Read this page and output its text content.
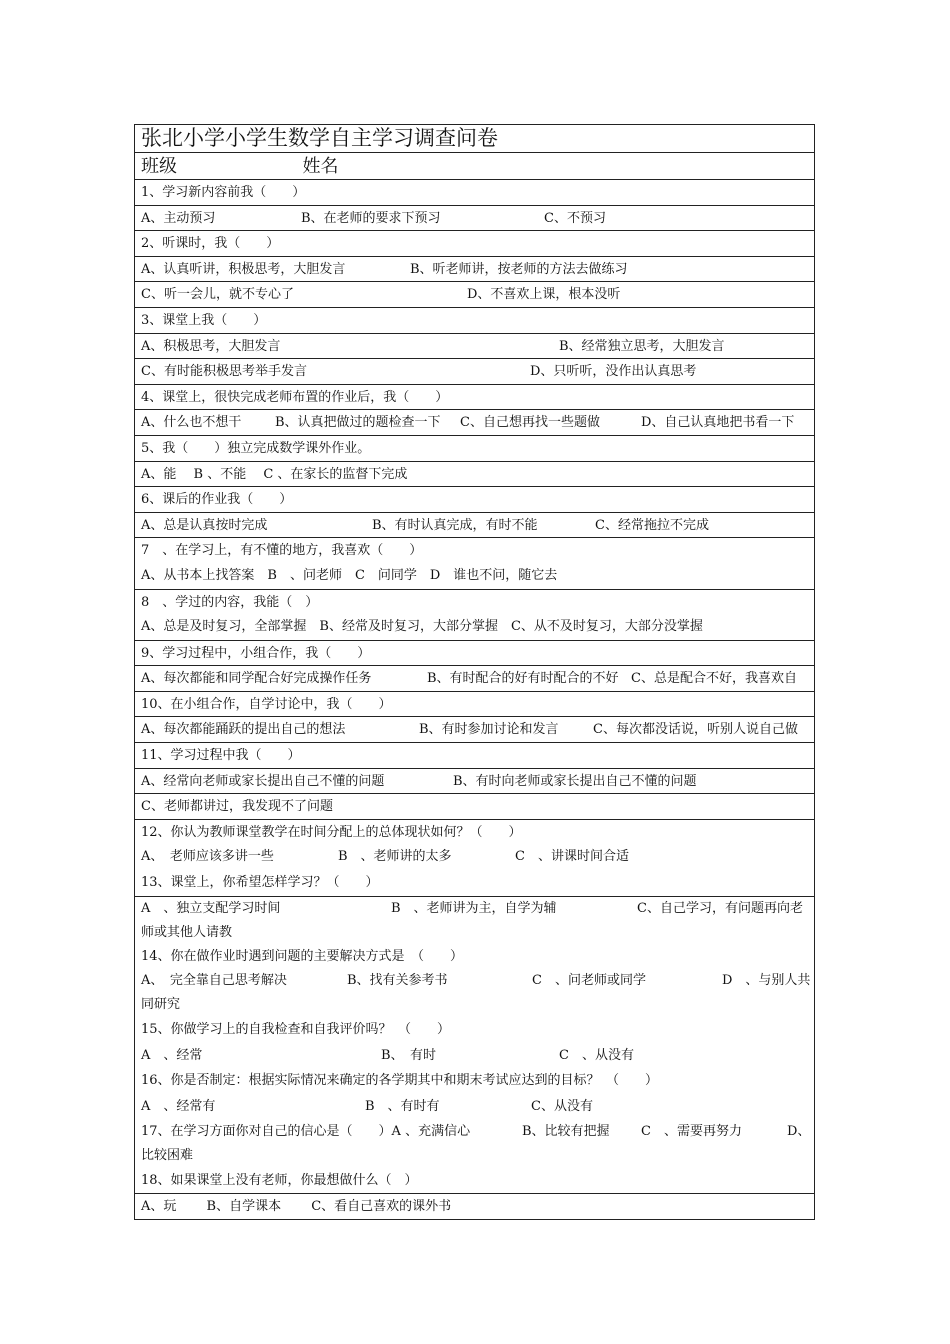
张北小学小学生数学自主学习调查问卷
班级	姓名
1、学习新内容前我（　　）
A、主动预习	B、在老师的要求下预习	C、不预习
2、听课时，我（　　）
A、认真听讲，积极思考，大胆发言	B、听老师讲，按老师的方法去做练习
C、听一会儿，就不专心了	D、不喜欢上课，根本没听
3、课堂上我（　　）
A、积极思考，大胆发言	B、经常独立思考，大胆发言
C、有时能积极思考举手发言	D、只听听，没作出认真思考
4、课堂上，很快完成老师布置的作业后，我（　　）
A、什么也不想干	B、认真把做过的题检查一下 C、自己想再找一些题做	D、自己认真地把书看一下
5、我（　　）独立完成数学课外作业。
A、能　 B 、不能　 C 、在家长的监督下完成
6、课后的作业我（　　）
A、总是认真按时完成	B、有时认真完成，有时不能	C、经常拖拉不完成
7　、在学习上，有不懂的地方，我喜欢（　　）
A、从书本上找答案　B　、问老师　C　问同学　D　谁也不问，随它去
8　、学过的内容，我能（　）
A、总是及时复习，全部掌握　B、经常及时复习，大部分掌握　C、从不及时复习，大部分没掌握
9、学习过程中，小组合作，我（　　）
A、每次都能和同学配合好完成操作任务	B、有时配合的好有时配合的不好 C、总是配合不好，我喜欢自
10、在小组合作，自学讨论中，我（　　）
A、每次都能踊跃的提出自己的想法	B、有时参加讨论和发言	C、每次都没话说，听别人说自己做
11、学习过程中我（　　）
A、经常向老师或家长提出自己不懂的问题	B、有时向老师或家长提出自己不懂的问题
C、老师都讲过，我发现不了问题
12、你认为教师课堂教学在时间分配上的总体现状如何？（　　）
A、　老师应该多讲一些	B　、老师讲的太多	C　、讲课时间合适
13、课堂上，你希望怎样学习？（　　）
A　、独立支配学习时间	B　、老师讲为主，自学为辅	C、自己学习，有问题再向老
师或其他人请教
14、你在做作业时遇到问题的主要解决方式是　（　　）
A、　完全靠自己思考解决	B、找有关参考书	C　、问老师或同学	D　、与别人共
同研究
15、你做学习上的自我检查和自我评价吗？　（　　）
A　、经常	B、　有时	C　、从没有
16、你是否制定：根据实际情况来确定的各学期其中和期末考试应达到的目标？　（　　）
A　、经常有	B　、有时有	C、从没有
17、在学习方面你对自己的信心是（　　）A 、充满信心	B、比较有把握 C　、需要再努力	D、
比较困难
18、如果课堂上没有老师，你最想做什么（　）
A、玩　　 B、自学课本　　 C、看自己喜欢的课外书
